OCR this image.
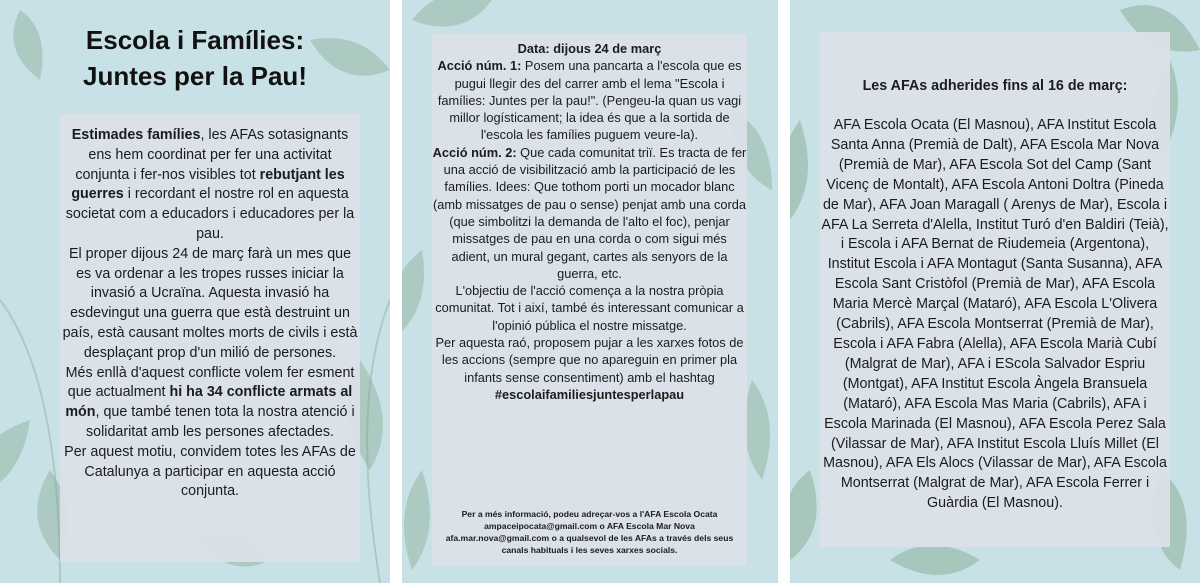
Escola i Famílies:
Juntes per la Pau!
Estimades famílies, les AFAs sotasignants ens hem coordinat per fer una activitat conjunta i fer-nos visibles tot rebutjant les guerres i recordant el nostre rol en aquesta societat com a educadors i educadores per la pau.
El proper dijous 24 de març farà un mes que es va ordenar a les tropes russes iniciar la invasió a Ucraïna. Aquesta invasió ha esdevingut una guerra que està destruint un país, està causant moltes morts de civils i està desplaçant prop d'un milió de persones.
Més enllà d'aquest conflicte volem fer esment que actualment hi ha 34 conflicte armats al món, que també tenen tota la nostra atenció i solidaritat amb les persones afectades.
Per aquest motiu, convidem totes les AFAs de Catalunya a participar en aquesta acció conjunta.
Data: dijous 24 de març
Acció núm. 1: Posem una pancarta a l'escola que es pugui llegir des del carrer amb el lema "Escola i famílies: Juntes per la pau!". (Pengeu-la quan us vagi millor logísticament; la idea és que a la sortida de l'escola les famílies puguem veure-la).
Acció núm. 2: Que cada comunitat triï. Es tracta de fer una acció de visibilització amb la participació de les famílies. Idees: Que tothom porti un mocador blanc (amb missatges de pau o sense) penjat amb una corda (que simbolitzi la demanda de l'alto el foc), penjar missatges de pau en una corda o com sigui més adient, un mural gegant, cartes als senyors de la guerra, etc.
L'objectiu de l'acció comença a la nostra pròpia comunitat. Tot i així, també és interessant comunicar a l'opinió pública el nostre missatge.
Per aquesta raó, proposem pujar a les xarxes fotos de les accions (sempre que no apareguin en primer pla infants sense consentiment) amb el hashtag #escolaifamiliesjuntesperlapau
Per a més informació, podeu adreçar-vos a l'AFA Escola Ocata ampaceipocata@gmail.com o AFA Escola Mar Nova afa.mar.nova@gmail.com o a qualsevol de les AFAs a través dels seus canals habituals i les seves xarxes socials.
Les AFAs adherides fins al 16 de març:
AFA Escola Ocata (El Masnou), AFA Institut Escola Santa Anna (Premià de Dalt), AFA Escola Mar Nova (Premià de Mar), AFA Escola Sot del Camp (Sant Vicenç de Montalt), AFA Escola Antoni Doltra (Pineda de Mar), AFA Joan Maragall ( Arenys de Mar), Escola i AFA La Serreta d'Alella, Institut Turó d'en Baldiri (Teià), i Escola i AFA Bernat de Riudemeia (Argentona), Institut Escola i AFA Montagut (Santa Susanna), AFA Escola Sant Cristòfol (Premià de Mar), AFA Escola Maria Mercè Marçal (Mataró), AFA Escola L'Olivera (Cabrils), AFA Escola Montserrat (Premià de Mar), Escola i AFA Fabra (Alella), AFA Escola Marià Cubí (Malgrat de Mar), AFA i EScola Salvador Espriu (Montgat), AFA Institut Escola Àngela Bransuela (Mataró), AFA Escola Mas Maria (Cabrils), AFA i Escola Marinada (El Masnou), AFA Escola Perez Sala (Vilassar de Mar), AFA Institut Escola Lluís Millet (El Masnou), AFA Els Alocs (Vilassar de Mar), AFA Escola Montserrat (Malgrat de Mar), AFA Escola Ferrer i Guàrdia (El Masnou).
